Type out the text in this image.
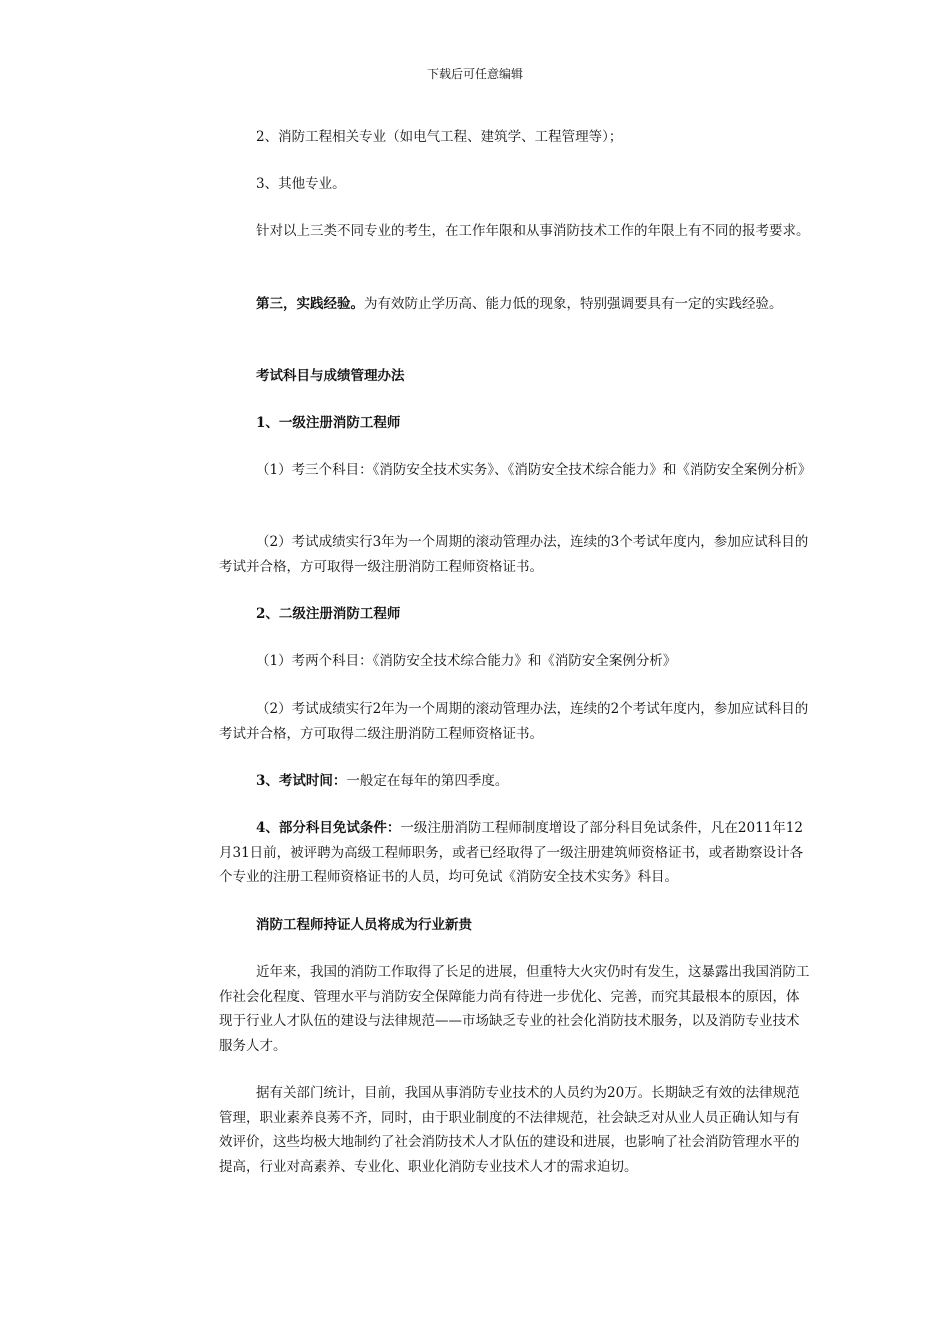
下载后可任意编辑
2、消防工程相关专业（如电气工程、建筑学、工程管理等）；
3、其他专业。
针对以上三类不同专业的考生，在工作年限和从事消防技术工作的年限上有不同的报考要求。
第三，实践经验。为有效防止学历高、能力低的现象，特别强调要具有一定的实践经验。
考试科目与成绩管理办法
1、一级注册消防工程师
（1）考三个科目：《消防安全技术实务》、《消防安全技术综合能力》和《消防安全案例分析》
（2）考试成绩实行3年为一个周期的滚动管理办法，连续的3个考试年度内，参加应试科目的考试并合格，方可取得一级注册消防工程师资格证书。
2、二级注册消防工程师
（1）考两个科目：《消防安全技术综合能力》和《消防安全案例分析》
（2）考试成绩实行2年为一个周期的滚动管理办法，连续的2个考试年度内，参加应试科目的考试并合格，方可取得二级注册消防工程师资格证书。
3、考试时间：一般定在每年的第四季度。
4、部分科目免试条件：一级注册消防工程师制度增设了部分科目免试条件，凡在2011年12月31日前，被评聘为高级工程师职务，或者已经取得了一级注册建筑师资格证书，或者勘察设计各个专业的注册工程师资格证书的人员，均可免试《消防安全技术实务》科目。
消防工程师持证人员将成为行业新贵
近年来，我国的消防工作取得了长足的进展，但重特大火灾仍时有发生，这暴露出我国消防工作社会化程度、管理水平与消防安全保障能力尚有待进一步优化、完善，而究其最根本的原因，体现于行业人才队伍的建设与法律规范——市场缺乏专业的社会化消防技术服务，以及消防专业技术服务人才。
据有关部门统计，目前，我国从事消防专业技术的人员约为20万。长期缺乏有效的法律规范管理，职业素养良莠不齐，同时，由于职业制度的不法律规范，社会缺乏对从业人员正确认知与有效评价，这些均极大地制约了社会消防技术人才队伍的建设和进展，也影响了社会消防管理水平的提高，行业对高素养、专业化、职业化消防专业技术人才的需求迫切。
